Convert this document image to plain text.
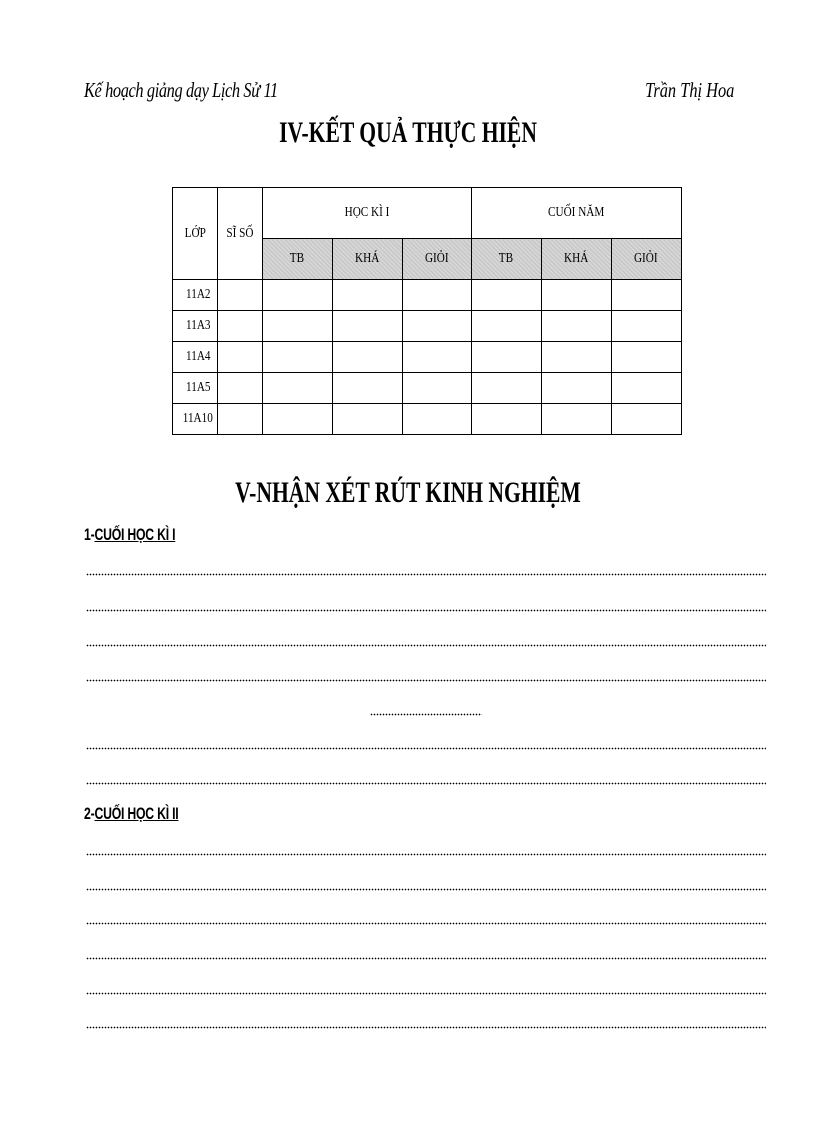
Kế hoạch giảng dạy Lịch Sử 11	Trần Thị Hoa
IV-KẾT QUẢ THỰC HIỆN
LỚP	SĨ SỐ	HỌC KÌ I			CUỐI NĂM		
		TB	KHÁ	GIỎI	TB	KHÁ	GIỎI
11A2							
11A3							
11A4							
11A5							
11A10							
V-NHẬN XÉT RÚT KINH NGHIỆM
1-CUỐI HỌC KÌ I
2-CUỐI HỌC KÌ II
